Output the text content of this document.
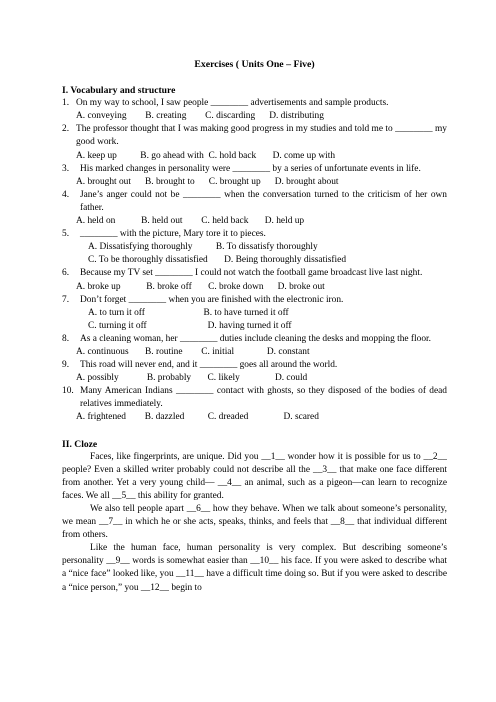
Exercises ( Units One – Five)
I. Vocabulary and structure
1. On my way to school, I saw people ________ advertisements and sample products.
A. conveying        B. creating        C. discarding      D. distributing
2. The professor thought that I was making good progress in my studies and told me to ________ my good work.
A. keep up          B. go ahead with  C. hold back       D. come up with
3.	His marked changes in personality were ________ by a series of unfortunate events in life.
A. brought out      B. brought to      C. brought up      D. brought about
4.	Jane’s anger could not be ________ when the conversation turned to the criticism of her own father.
A. held on           B. held out        C. held back       D. held up
5.	________ with the picture, Mary tore it to pieces.
A. Dissatisfying thoroughly          B. To dissatisfy thoroughly
C. To be thoroughly dissatisfied       D. Being thoroughly dissatisfied
6.	Because my TV set ________ I could not watch the football game broadcast live last night.
A. broke up           B. broke off       C. broke down      D. broke out
7.	Don’t forget ________ when you are finished with the electronic iron.
A. to turn it off                         B. to have turned it off
C. turning it off                          D. having turned it off
8.	As a cleaning woman, her ________ duties include cleaning the desks and mopping the floor.
A. continuous       B. routine        C. initial              D. constant
9.	This road will never end, and it ________ goes all around the world.
A. possibly            B. probably       C. likely               D. could
10. Many American Indians ________ contact with ghosts, so they disposed of the bodies of dead relatives immediately.
A. frightened        B. dazzled          C. dreaded               D. scared
II. Cloze
Faces, like fingerprints, are unique. Did you __1__ wonder how it is possible for us to __2__ people? Even a skilled writer probably could not describe all the __3__ that make one face different from another. Yet a very young child— __4__ an animal, such as a pigeon—can learn to recognize faces. We all __5__ this ability for granted.
We also tell people apart __6__ how they behave. When we talk about someone’s personality, we mean __7__ in which he or she acts, speaks, thinks, and feels that __8__ that individual different from others.
Like the human face, human personality is very complex. But describing someone’s personality __9__ words is somewhat easier than __10__ his face. If you were asked to describe what a “nice face” looked like, you __11__ have a difficult time doing so. But if you were asked to describe a “nice person,” you __12__ begin to
